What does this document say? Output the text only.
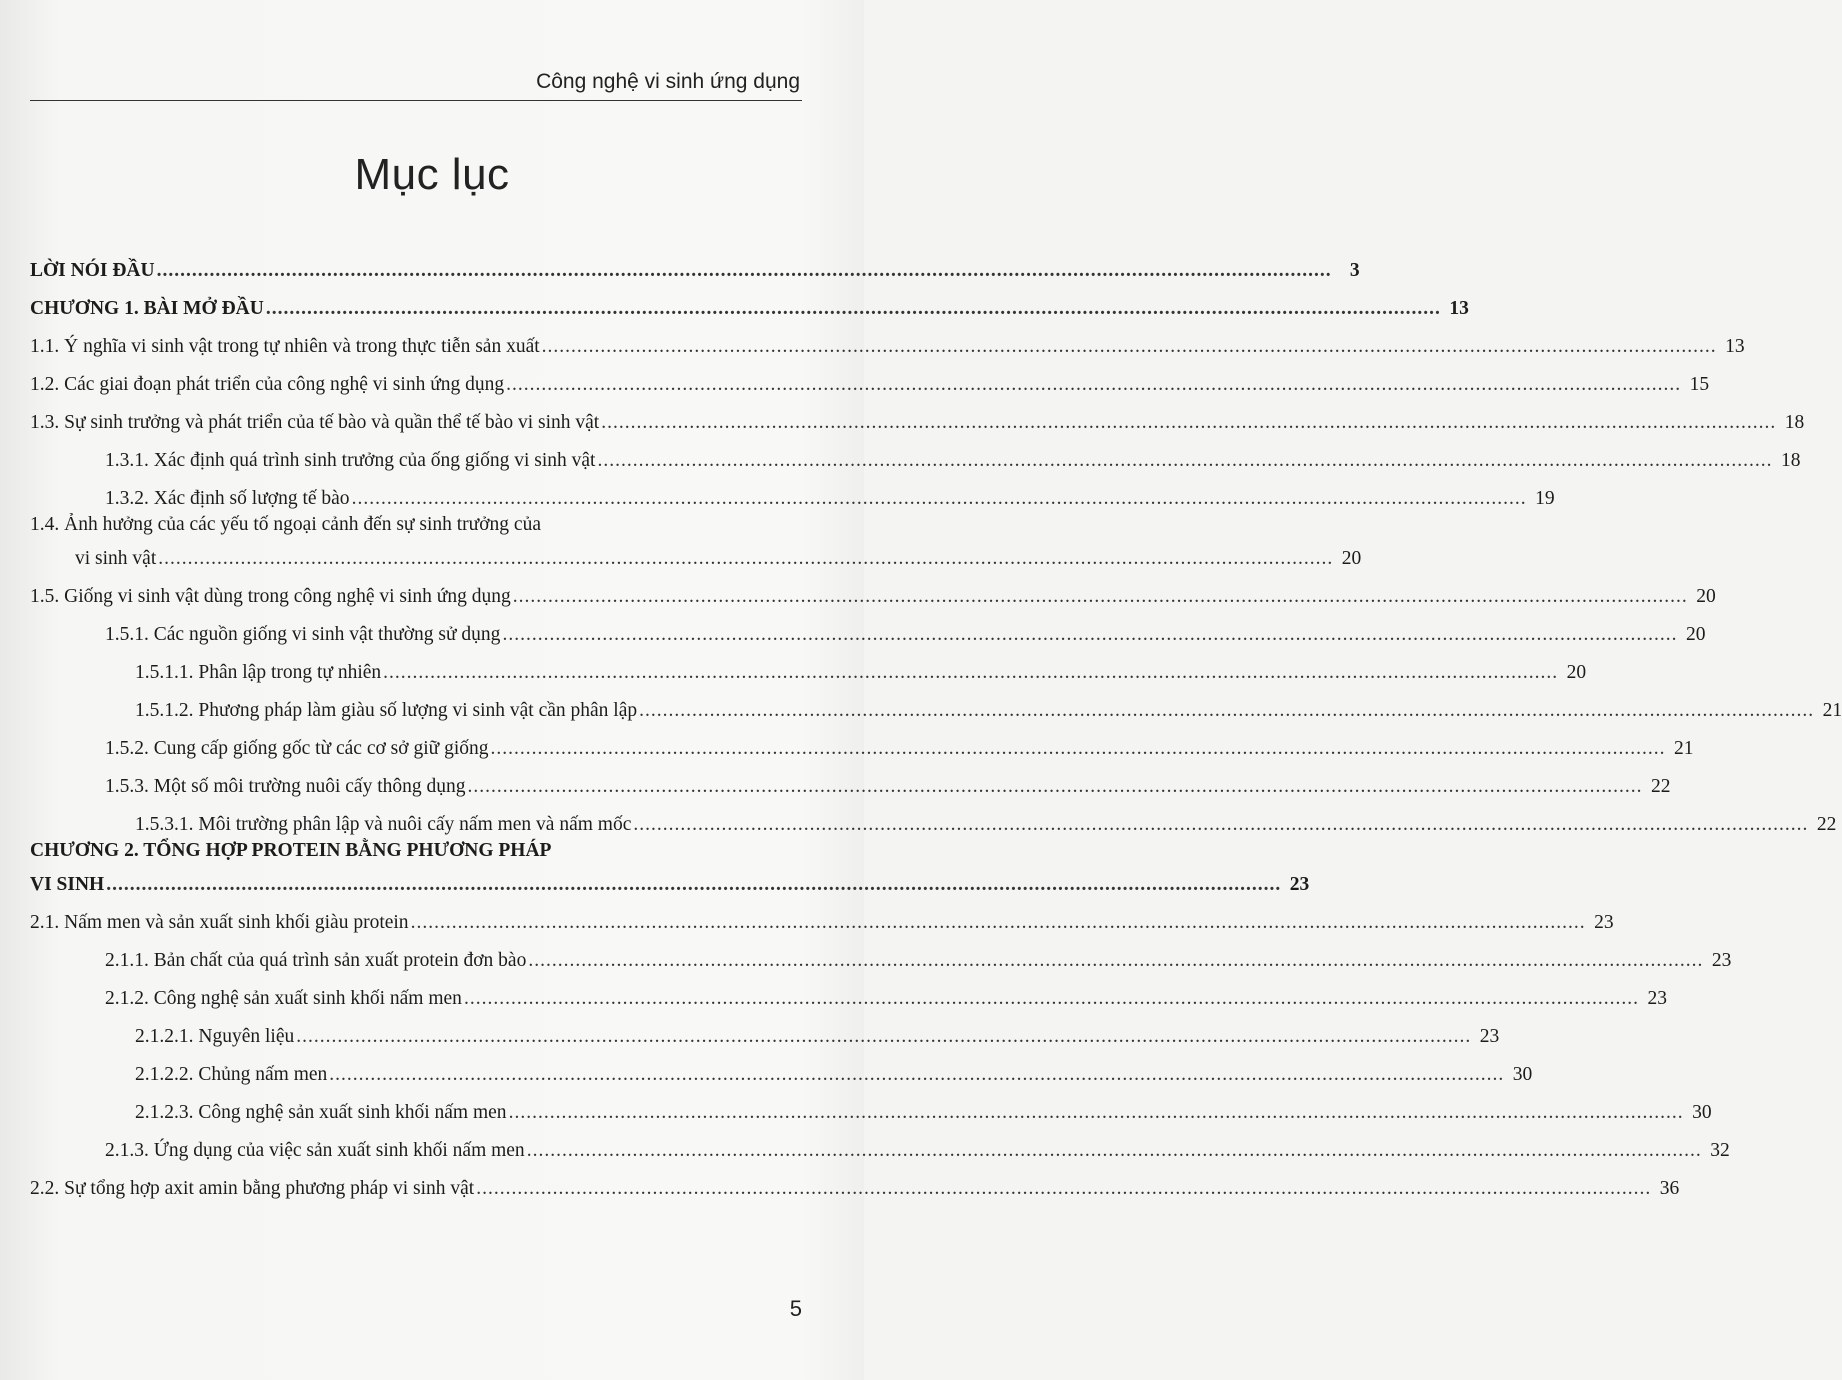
Công nghệ vi sinh ứng dụng
Mục lục
LỜI NÓI ĐẦU ........................................................................................................................................................................................................ 3
CHƯƠNG 1. BÀI MỞ ĐẦU ........................................................................................................................................................................................................ 13
1.1. Ý nghĩa vi sinh vật trong tự nhiên và trong thực tiễn sản xuất ........................................................................................................................................................................................................ 13
1.2. Các giai đoạn phát triển của công nghệ vi sinh ứng dụng ........................................................................................................................................................................................................ 15
1.3. Sự sinh trưởng và phát triển của tế bào và quần thể tế bào vi sinh vật ........................................................................................................................................................................................................ 18
1.3.1. Xác định quá trình sinh trưởng của ống giống vi sinh vật ........................................................................................................................................................................................................ 18
1.3.2. Xác định số lượng tế bào ........................................................................................................................................................................................................ 19
1.4. Ảnh hưởng của các yếu tố ngoại cảnh đến sự sinh trưởng của
vi sinh vật ........................................................................................................................................................................................................ 20
1.5. Giống vi sinh vật dùng trong công nghệ vi sinh ứng dụng ........................................................................................................................................................................................................ 20
1.5.1. Các nguồn giống vi sinh vật thường sử dụng ........................................................................................................................................................................................................ 20
1.5.1.1. Phân lập trong tự nhiên ........................................................................................................................................................................................................ 20
1.5.1.2. Phương pháp làm giàu số lượng vi sinh vật cần phân lập ........................................................................................................................................................................................................ 21
1.5.2. Cung cấp giống gốc từ các cơ sở giữ giống ........................................................................................................................................................................................................ 21
1.5.3. Một số môi trường nuôi cấy thông dụng ........................................................................................................................................................................................................ 22
1.5.3.1. Môi trường phân lập và nuôi cấy nấm men và nấm mốc ........................................................................................................................................................................................................ 22
CHƯƠNG 2. TỔNG HỢP PROTEIN BẰNG PHƯƠNG PHÁP
VI SINH ........................................................................................................................................................................................................ 23
2.1. Nấm men và sản xuất sinh khối giàu protein ........................................................................................................................................................................................................ 23
2.1.1. Bản chất của quá trình sản xuất protein đơn bào ........................................................................................................................................................................................................ 23
2.1.2. Công nghệ sản xuất sinh khối nấm men ........................................................................................................................................................................................................ 23
2.1.2.1. Nguyên liệu ........................................................................................................................................................................................................ 23
2.1.2.2. Chủng nấm men ........................................................................................................................................................................................................ 30
2.1.2.3. Công nghệ sản xuất sinh khối nấm men ........................................................................................................................................................................................................ 30
2.1.3. Ứng dụng của việc sản xuất sinh khối nấm men ........................................................................................................................................................................................................ 32
2.2. Sự tổng hợp axit amin bằng phương pháp vi sinh vật ........................................................................................................................................................................................................ 36
5
